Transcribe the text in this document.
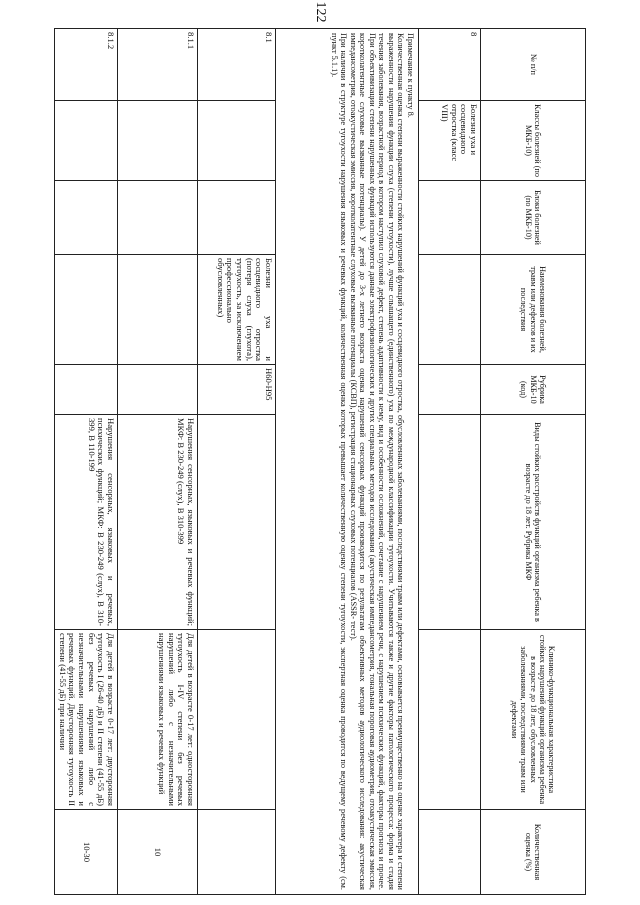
122
№ п/п	Классы болезней (по МКБ-10)	Блоки болезней (по МКБ-10)	Наименования болезней, травм или дефектов и их последствия	Рубрика МКБ-10 (код)	Виды стойких расстройств функций организма ребенка в возрасте до 18 лет. Рубрика МКФ	Клинико-функциональная характеристика стойких нарушений функций организма ребенка в возрасте до 18 лет, обусловленных заболеваниями, последствиями травм или дефектами	Количественная оценка (%)
8	Болезни уха и сосцевидного отростка (класс VIII)						

Примечание к пункту 8.

Количественная оценка степени выраженности стойких нарушений функций уха и сосцевидного отростка, обусловленных заболеваниями, последствиями травм или дефектами, основывается преимущественно на оценке характера и степени выраженности нарушения функции слуха (степени тугоухости), лучше слышащего (единственного) уха по международной классификации тугоухости. Учитываются также и другие факторы патологического процесса: форма и стадия течения заболевания, возрастной период в котором наступил слуховой дефект, степень адаптивности к нему, вид и особенности осложнений, сочетание с нарушением речи, с нарушением психических функций, факторы прогноза и прочее. При объективизации степени нарушенных функций используются данные электрофизиологических и других специальных методов исследования (акустическая импедансометрия, тональная пороговая аудиометрия, отоакустическая эмиссия, коротколатентные слуховые вызванные потенциалы). У детей до 3-х летнего возраста оценка нарушений сенсорных функций производится по результатам объективных методов аудиологического исследования: акустическая импедансометрия, отоакустическая эмиссия, коротколатентные слуховые вызванные потенциалы (КСВП), регистрация стационарных слуховых потенциалов (ASSR- тест).

При наличии в структуре тугоухости нарушения языковых и речевых функций, количественная оценка которых превышает количественную оценку степени тугоухости, экспертная оценка проводится по ведущему речевому дефекту (см. пункт 5.1.1).							

8.1			Болезни уха и сосцевидного отростка (потеря слуха (глухота), тугоухость, за исключением профессионально обусловленных)	H60-H95			
8.1.1					Нарушения сенсорных, языковых и речевых функций; МКФ: В 230-249 (слух), В 310-399	Для детей в возрасте 0-17 лет: односторонняя тугоухость I-IV степени без речевых нарушений либо с незначительными нарушениями языковых и речевых функций	10
8.1.2					Нарушения сенсорных, языковых и речевых, психических функций; МКФ: В 230-249 (слух), В 310-399, В 110-199	Для детей в возрасте 0-17 лет: двусторонняя тугоухость I (26-40 дБ) и II степени (41-55 дБ) без речевых нарушений либо с незначительными нарушениями языковых и речевых функций. Двусторонняя тугоухость II степени (41-55 дБ) при наличии	10-30
